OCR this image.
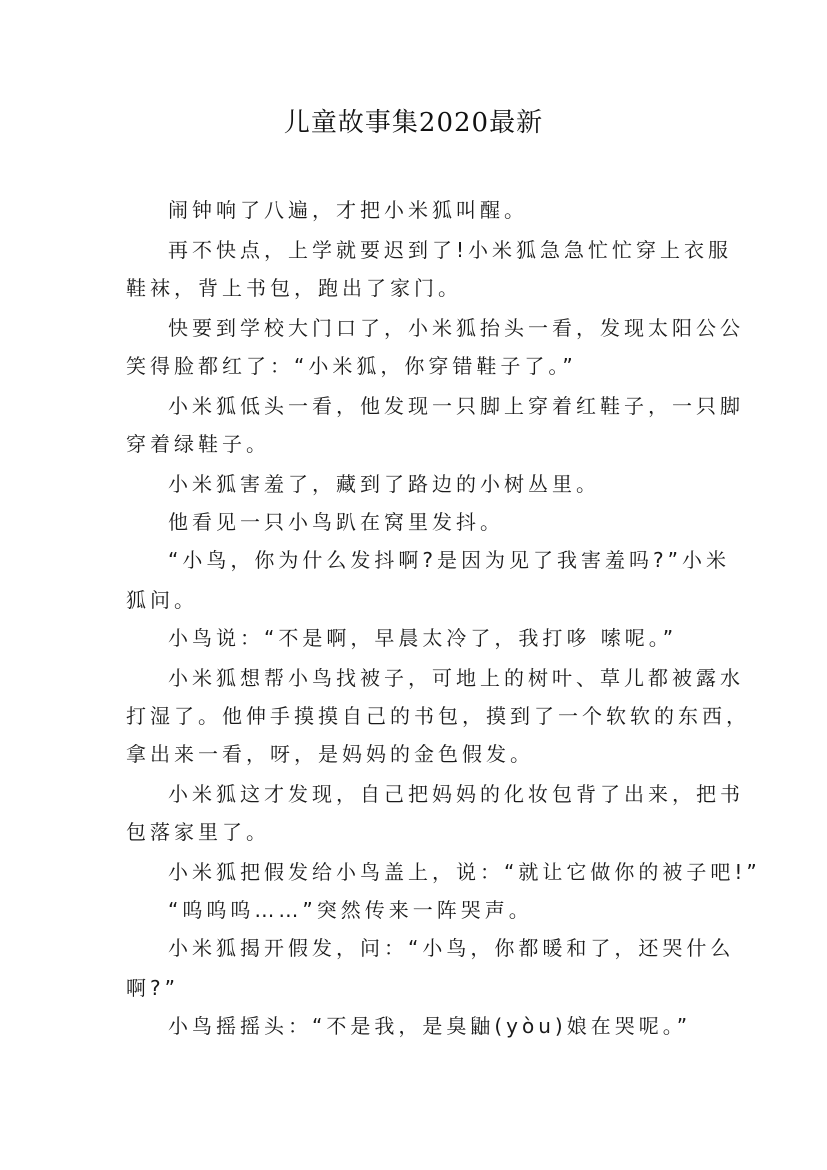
儿童故事集2020最新
闹钟响了八遍，才把小米狐叫醒。
再不快点，上学就要迟到了!小米狐急急忙忙穿上衣服
鞋袜，背上书包，跑出了家门。
快要到学校大门口了，小米狐抬头一看，发现太阳公公
笑得脸都红了：“小米狐，你穿错鞋子了。”
小米狐低头一看，他发现一只脚上穿着红鞋子，一只脚
穿着绿鞋子。
小米狐害羞了，藏到了路边的小树丛里。
他看见一只小鸟趴在窝里发抖。
“小鸟，你为什么发抖啊?是因为见了我害羞吗?”小米
狐问。
小鸟说：“不是啊，早晨太冷了，我打哆 嗦呢。”
小米狐想帮小鸟找被子，可地上的树叶、草儿都被露水
打湿了。他伸手摸摸自己的书包，摸到了一个软软的东西，
拿出来一看，呀，是妈妈的金色假发。
小米狐这才发现，自己把妈妈的化妆包背了出来，把书
包落家里了。
小米狐把假发给小鸟盖上，说：“就让它做你的被子吧!”
“呜呜呜……”突然传来一阵哭声。
小米狐揭开假发，问：“小鸟，你都暖和了，还哭什么
啊?”
小鸟摇摇头：“不是我，是臭鼬(yòu)娘在哭呢。”
